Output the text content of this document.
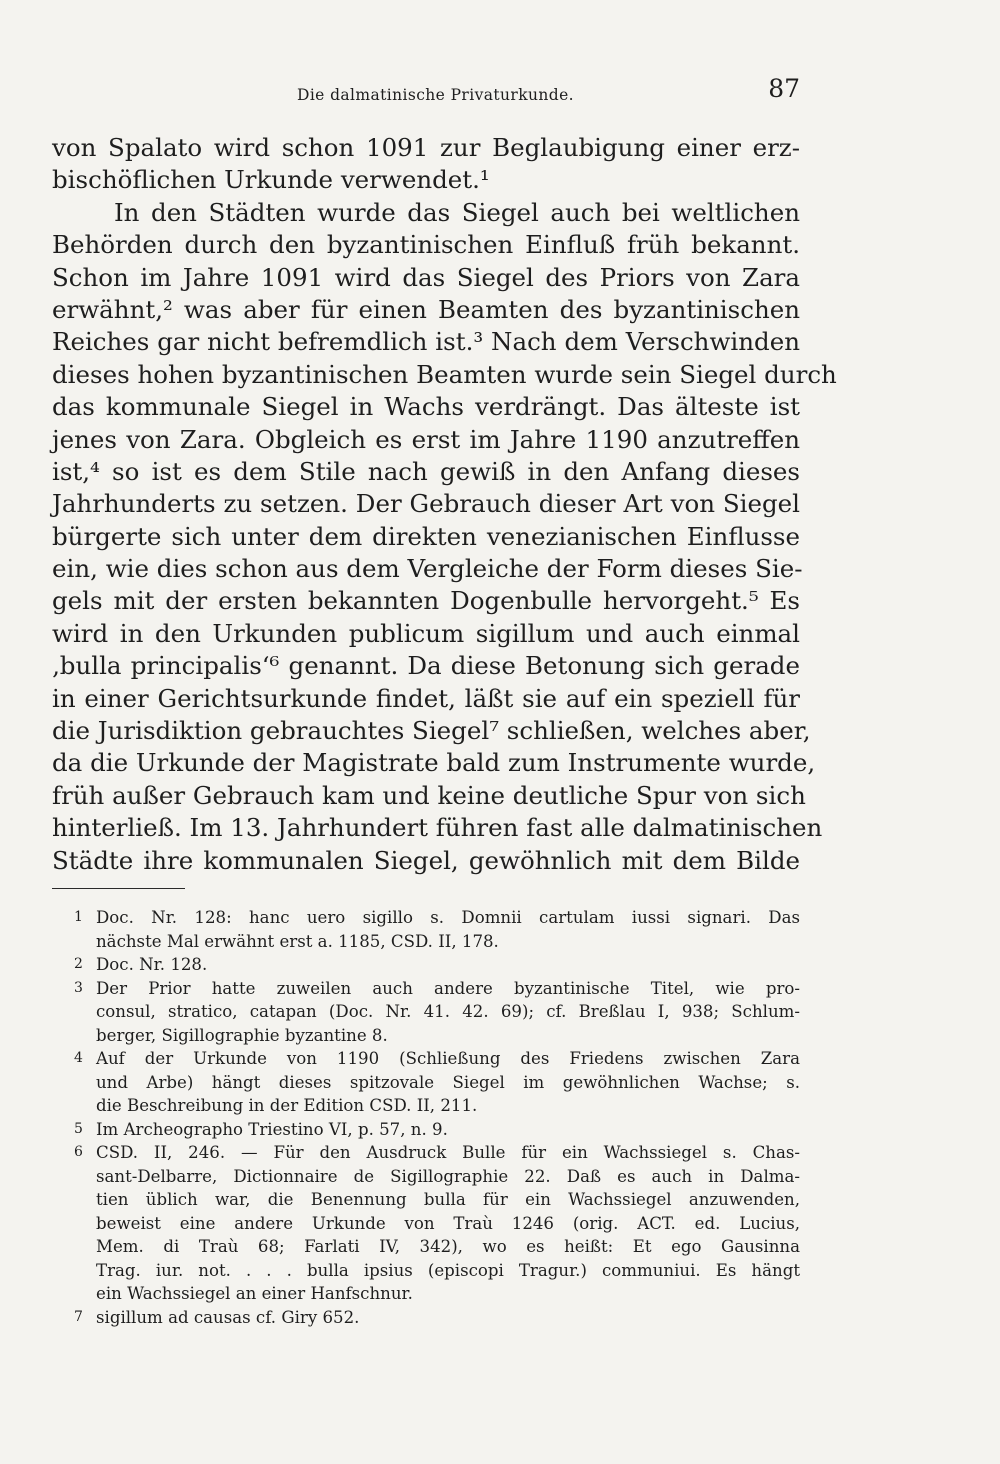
Die dalmatinische Privaturkunde.	87
von Spalato wird schon 1091 zur Beglaubigung einer erz-
bischöflichen Urkunde verwendet.¹
In den Städten wurde das Siegel auch bei weltlichen
Behörden durch den byzantinischen Einfluß früh bekannt.
Schon im Jahre 1091 wird das Siegel des Priors von Zara
erwähnt,² was aber für einen Beamten des byzantinischen
Reiches gar nicht befremdlich ist.³ Nach dem Verschwinden
dieses hohen byzantinischen Beamten wurde sein Siegel durch
das kommunale Siegel in Wachs verdrängt. Das älteste ist
jenes von Zara. Obgleich es erst im Jahre 1190 anzutreffen
ist,⁴ so ist es dem Stile nach gewiß in den Anfang dieses
Jahrhunderts zu setzen. Der Gebrauch dieser Art von Siegel
bürgerte sich unter dem direkten venezianischen Einflusse
ein, wie dies schon aus dem Vergleiche der Form dieses Sie-
gels mit der ersten bekannten Dogenbulle hervorgeht.⁵ Es
wird in den Urkunden publicum sigillum und auch einmal
‚bulla principalis‘⁶ genannt. Da diese Betonung sich gerade
in einer Gerichtsurkunde findet, läßt sie auf ein speziell für
die Jurisdiktion gebrauchtes Siegel⁷ schließen, welches aber,
da die Urkunde der Magistrate bald zum Instrumente wurde,
früh außer Gebrauch kam und keine deutliche Spur von sich
hinterließ. Im 13. Jahrhundert führen fast alle dalmatinischen
Städte ihre kommunalen Siegel, gewöhnlich mit dem Bilde
1 Doc. Nr. 128: hanc uero sigillo s. Domnii cartulam iussi signari. Das
nächste Mal erwähnt erst a. 1185, CSD. II, 178.
2 Doc. Nr. 128.
3 Der Prior hatte zuweilen auch andere byzantinische Titel, wie pro-
consul, stratico, catapan (Doc. Nr. 41. 42. 69); cf. Breßlau I, 938; Schlum-
berger, Sigillographie byzantine 8.
4 Auf der Urkunde von 1190 (Schließung des Friedens zwischen Zara
und Arbe) hängt dieses spitzovale Siegel im gewöhnlichen Wachse; s.
die Beschreibung in der Edition CSD. II, 211.
5 Im Archeographo Triestino VI, p. 57, n. 9.
6 CSD. II, 246. — Für den Ausdruck Bulle für ein Wachssiegel s. Chas-
sant-Delbarre, Dictionnaire de Sigillographie 22. Daß es auch in Dalma-
tien üblich war, die Benennung bulla für ein Wachssiegel anzuwenden,
beweist eine andere Urkunde von Traù 1246 (orig. ACT. ed. Lucius,
Mem. di Traù 68; Farlati IV, 342), wo es heißt: Et ego Gausinna
Trag. iur. not. . . . bulla ipsius (episcopi Tragur.) communiui. Es hängt
ein Wachssiegel an einer Hanfschnur.
7 sigillum ad causas cf. Giry 652.
